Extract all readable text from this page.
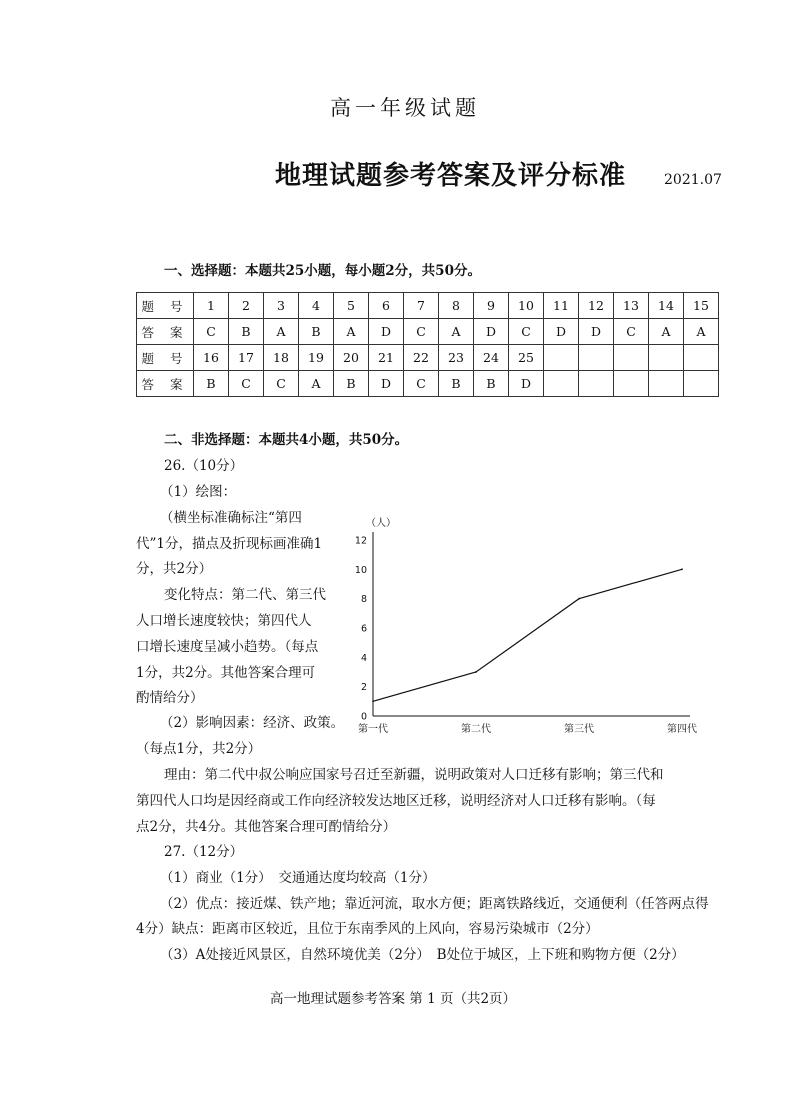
高一年级试题
地理试题参考答案及评分标准	2021.07
一、选择题：本题共25小题，每小题2分，共50分。
题 号	1	2	3	4	5	6	7	8	9	10	11	12	13	14	15
答 案	C	B	A	B	A	D	C	A	D	C	D	D	C	A	A
题 号	16	17	18	19	20	21	22	23	24	25					
答 案	B	C	C	A	B	D	C	B	B	D					
二、非选择题：本题共4小题，共50分。
26.（10分）
（1）绘图：
（横坐标准确标注“第四
代”1分，描点及折现标画准确1
分，共2分）
变化特点：第二代、第三代
人口增长速度较快；第四代人
口增长速度呈减小趋势。（每点
1分，共2分。其他答案合理可
酌情给分）
（2）影响因素：经济、政策。
（每点1分，共2分）
理由：第二代中叔公响应国家号召迁至新疆，说明政策对人口迁移有影响；第三代和
第四代人口均是因经商或工作向经济较发达地区迁移，说明经济对人口迁移有影响。（每
点2分，共4分。其他答案合理可酌情给分）
27.（12分）
（1）商业（1分）　交通通达度均较高（1分）
（2）优点：接近煤、铁产地；靠近河流，取水方便；距离铁路线近，交通便利（任答两点得
4分）缺点：距离市区较近，且位于东南季风的上风向，容易污染城市（2分）
（3）A处接近风景区，自然环境优美（2分）　B处位于城区，上下班和购物方便（2分）
（人）
0
2
4
6
8
10
12
第一代	第二代	第三代	第四代
高一地理试题参考答案 第 1 页（共2页）
